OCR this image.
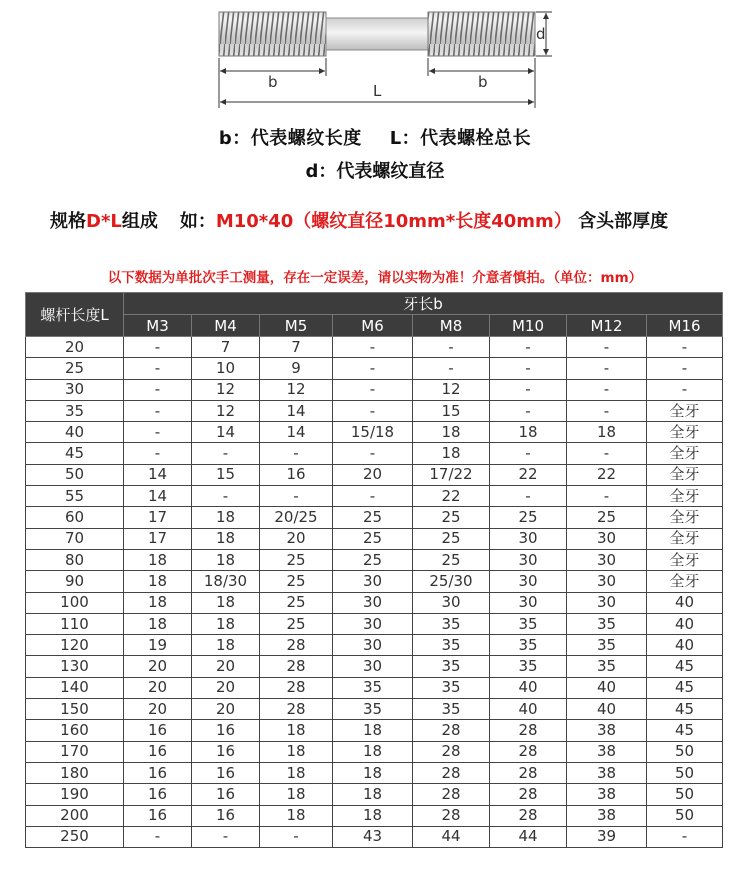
d
b	b
L
b：代表螺纹长度 L：代表螺栓总长
d：代表螺纹直径
规格D*L组成 如：M10*40（螺纹直径10mm*长度40mm） 含头部厚度
以下数据为单批次手工测量，存在一定误差，请以实物为准！介意者慎拍。（单位：mm）
螺杆长度L	牙长b							
	M3	M4	M5	M6	M8	M10	M12	M16
20	-	7	7	-	-	-	-	-
25	-	10	9	-	-	-	-	-
30	-	12	12	-	12	-	-	-
35	-	12	14	-	15	-	-	全牙
40	-	14	14	15/18	18	18	18	全牙
45	-	-	-	-	18	-	-	全牙
50	14	15	16	20	17/22	22	22	全牙
55	14	-	-	-	22	-	-	全牙
60	17	18	20/25	25	25	25	25	全牙
70	17	18	20	25	25	30	30	全牙
80	18	18	25	25	25	30	30	全牙
90	18	18/30	25	30	25/30	30	30	全牙
100	18	18	25	30	30	30	30	40
110	18	18	25	30	35	35	35	40
120	19	18	28	30	35	35	35	40
130	20	20	28	30	35	35	35	45
140	20	20	28	35	35	40	40	45
150	20	20	28	35	35	40	40	45
160	16	16	18	18	28	28	38	45
170	16	16	18	18	28	28	38	50
180	16	16	18	18	28	28	38	50
190	16	16	18	18	28	28	38	50
200	16	16	18	18	28	28	38	50
250	-	-	-	43	44	44	39	-
